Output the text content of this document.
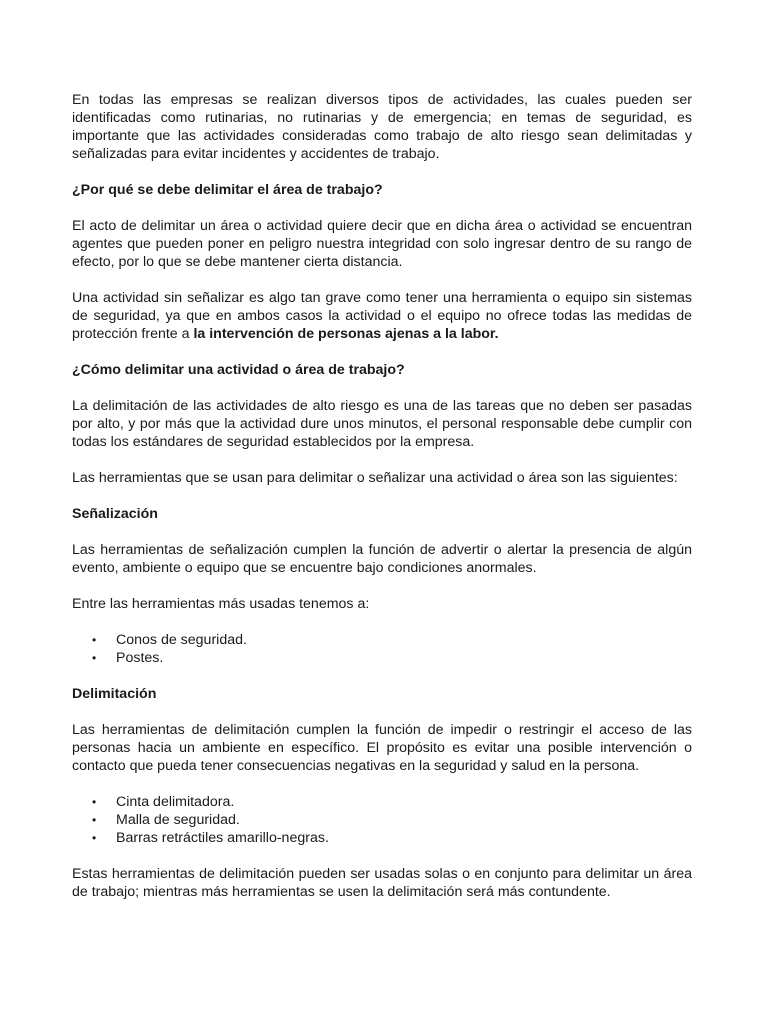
En todas las empresas se realizan diversos tipos de actividades, las cuales pueden ser identificadas como rutinarias, no rutinarias y de emergencia; en temas de seguridad, es importante que las actividades consideradas como trabajo de alto riesgo sean delimitadas y señalizadas para evitar incidentes y accidentes de trabajo.

¿Por qué se debe delimitar el área de trabajo?

El acto de delimitar un área o actividad quiere decir que en dicha área o actividad se encuentran agentes que pueden poner en peligro nuestra integridad con solo ingresar dentro de su rango de efecto, por lo que se debe mantener cierta distancia.

Una actividad sin señalizar es algo tan grave como tener una herramienta o equipo sin sistemas de seguridad, ya que en ambos casos la actividad o el equipo no ofrece todas las medidas de protección frente a la intervención de personas ajenas a la labor.

¿Cómo delimitar una actividad o área de trabajo?

La delimitación de las actividades de alto riesgo es una de las tareas que no deben ser pasadas por alto, y por más que la actividad dure unos minutos, el personal responsable debe cumplir con todas los estándares de seguridad establecidos por la empresa.

Las herramientas que se usan para delimitar o señalizar una actividad o área son las siguientes:

Señalización

Las herramientas de señalización cumplen la función de advertir o alertar la presencia de algún evento, ambiente o equipo que se encuentre bajo condiciones anormales.

Entre las herramientas más usadas tenemos a:

• Conos de seguridad.
• Postes.
Delimitación

Las herramientas de delimitación cumplen la función de impedir o restringir el acceso de las personas hacia un ambiente en específico. El propósito es evitar una posible intervención o contacto que pueda tener consecuencias negativas en la seguridad y salud en la persona.

• Cinta delimitadora.
• Malla de seguridad.
• Barras retráctiles amarillo-negras.

Estas herramientas de delimitación pueden ser usadas solas o en conjunto para delimitar un área de trabajo; mientras más herramientas se usen la delimitación será más contundente.
